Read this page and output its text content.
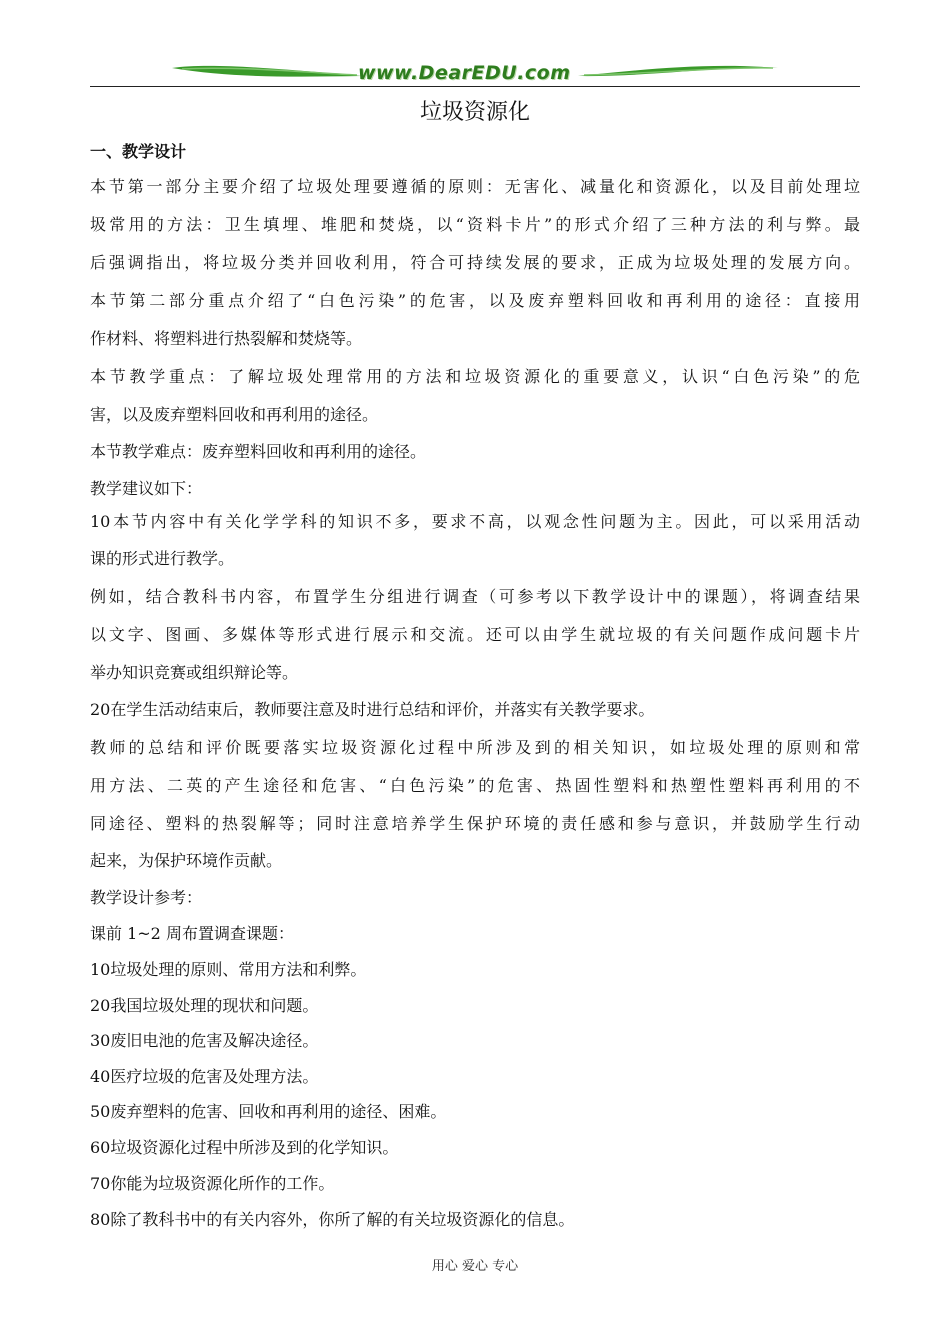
www.DearEDU.com
垃圾资源化
一、教学设计
本节第一部分主要介绍了垃圾处理要遵循的原则：无害化、减量化和资源化，以及目前处理垃
圾常用的方法：卫生填埋、堆肥和焚烧，以“资料卡片”的形式介绍了三种方法的利与弊。最
后强调指出，将垃圾分类并回收利用，符合可持续发展的要求，正成为垃圾处理的发展方向。
本节第二部分重点介绍了“白色污染”的危害，以及废弃塑料回收和再利用的途径：直接用
作材料、将塑料进行热裂解和焚烧等。
本节教学重点：了解垃圾处理常用的方法和垃圾资源化的重要意义，认识“白色污染”的危
害，以及废弃塑料回收和再利用的途径。
本节教学难点：废弃塑料回收和再利用的途径。
教学建议如下：
10本节内容中有关化学学科的知识不多，要求不高，以观念性问题为主。因此，可以采用活动
课的形式进行教学。
例如，结合教科书内容，布置学生分组进行调查（可参考以下教学设计中的课题），将调查结果
以文字、图画、多媒体等形式进行展示和交流。还可以由学生就垃圾的有关问题作成问题卡片
举办知识竞赛或组织辩论等。
20在学生活动结束后，教师要注意及时进行总结和评价，并落实有关教学要求。
教师的总结和评价既要落实垃圾资源化过程中所涉及到的相关知识，如垃圾处理的原则和常
用方法、二英的产生途径和危害、“白色污染”的危害、热固性塑料和热塑性塑料再利用的不
同途径、塑料的热裂解等；同时注意培养学生保护环境的责任感和参与意识，并鼓励学生行动
起来，为保护环境作贡献。
教学设计参考：
课前 1~2 周布置调查课题：
10垃圾处理的原则、常用方法和利弊。
20我国垃圾处理的现状和问题。
30废旧电池的危害及解决途径。
40医疗垃圾的危害及处理方法。
50废弃塑料的危害、回收和再利用的途径、困难。
60垃圾资源化过程中所涉及到的化学知识。
70你能为垃圾资源化所作的工作。
80除了教科书中的有关内容外，你所了解的有关垃圾资源化的信息。
用心 爱心 专心
